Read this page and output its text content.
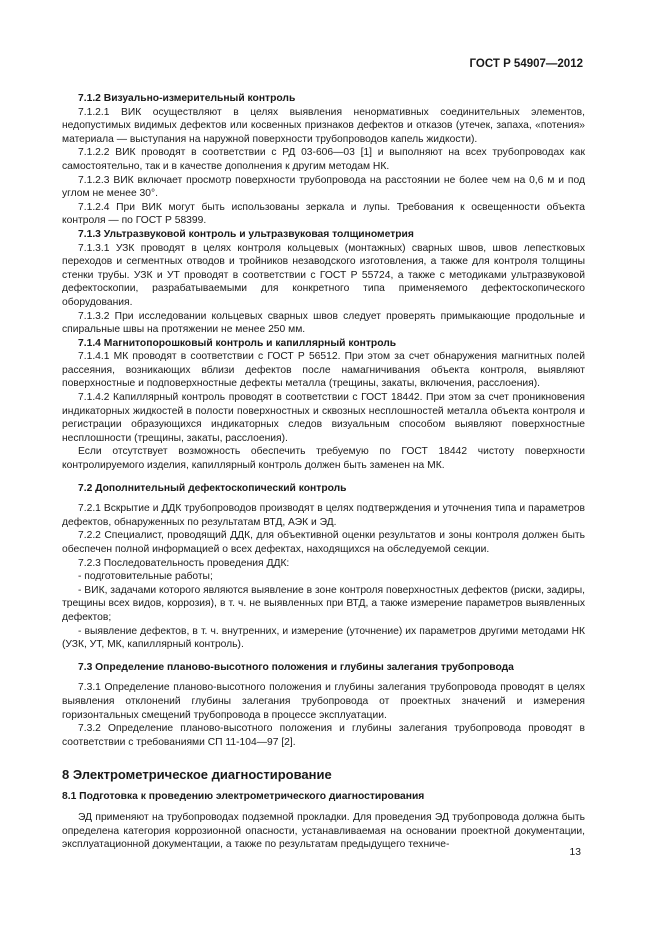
ГОСТ Р 54907—2012
7.1.2 Визуально-измерительный контроль

7.1.2.1 ВИК осуществляют в целях выявления ненормативных соединительных элементов, недопустимых видимых дефектов или косвенных признаков дефектов и отказов (утечек, запаха, «потения» материала — выступания на наружной поверхности трубопроводов капель жидкости).

7.1.2.2 ВИК проводят в соответствии с РД 03-606—03 [1] и выполняют на всех трубопроводах как самостоятельно, так и в качестве дополнения к другим методам НК.

7.1.2.3 ВИК включает просмотр поверхности трубопровода на расстоянии не более чем на 0,6 м и под углом не менее 30°.

7.1.2.4 При ВИК могут быть использованы зеркала и лупы. Требования к освещенности объекта контроля — по ГОСТ Р 58399.

7.1.3 Ультразвуковой контроль и ультразвуковая толщинометрия

7.1.3.1 УЗК проводят в целях контроля кольцевых (монтажных) сварных швов, швов лепестковых переходов и сегментных отводов и тройников незаводского изготовления, а также для контроля толщины стенки трубы. УЗК и УТ проводят в соответствии с ГОСТ Р 55724, а также с методиками ультразвуковой дефектоскопии, разрабатываемыми для конкретного типа применяемого дефектоскопического оборудования.

7.1.3.2 При исследовании кольцевых сварных швов следует проверять примыкающие продольные и спиральные швы на протяжении не менее 250 мм.

7.1.4 Магнитопорошковый контроль и капиллярный контроль

7.1.4.1 МК проводят в соответствии с ГОСТ Р 56512. При этом за счет обнаружения магнитных полей рассеяния, возникающих вблизи дефектов после намагничивания объекта контроля, выявляют поверхностные и подповерхностные дефекты металла (трещины, закаты, включения, расслоения).

7.1.4.2 Капиллярный контроль проводят в соответствии с ГОСТ 18442. При этом за счет проникновения индикаторных жидкостей в полости поверхностных и сквозных несплошностей металла объекта контроля и регистрации образующихся индикаторных следов визуальным способом выявляют поверхностные несплошности (трещины, закаты, расслоения).

Если отсутствует возможность обеспечить требуемую по ГОСТ 18442 чистоту поверхности контролируемого изделия, капиллярный контроль должен быть заменен на МК.

7.2 Дополнительный дефектоскопический контроль

7.2.1 Вскрытие и ДДК трубопроводов производят в целях подтверждения и уточнения типа и параметров дефектов, обнаруженных по результатам ВТД, АЭК и ЭД.

7.2.2 Специалист, проводящий ДДК, для объективной оценки результатов и зоны контроля должен быть обеспечен полной информацией о всех дефектах, находящихся на обследуемой секции.

7.2.3 Последовательность проведения ДДК:

- подготовительные работы;

- ВИК, задачами которого являются выявление в зоне контроля поверхностных дефектов (риски, задиры, трещины всех видов, коррозия), в т. ч. не выявленных при ВТД, а также измерение параметров выявленных дефектов;

- выявление дефектов, в т. ч. внутренних, и измерение (уточнение) их параметров другими методами НК (УЗК, УТ, МК, капиллярный контроль).

7.3 Определение планово-высотного положения и глубины залегания трубопровода

7.3.1 Определение планово-высотного положения и глубины залегания трубопровода проводят в целях выявления отклонений глубины залегания трубопровода от проектных значений и измерения горизонтальных смещений трубопровода в процессе эксплуатации.

7.3.2 Определение планово-высотного положения и глубины залегания трубопровода проводят в соответствии с требованиями СП 11-104—97 [2].

8 Электрометрическое диагностирование
8.1 Подготовка к проведению электрометрического диагностирования

ЭД применяют на трубопроводах подземной прокладки. Для проведения ЭД трубопровода должна быть определена категория коррозионной опасности, устанавливаемая на основании проектной документации, эксплуатационной документации, а также по результатам предыдущего техниче-

13
